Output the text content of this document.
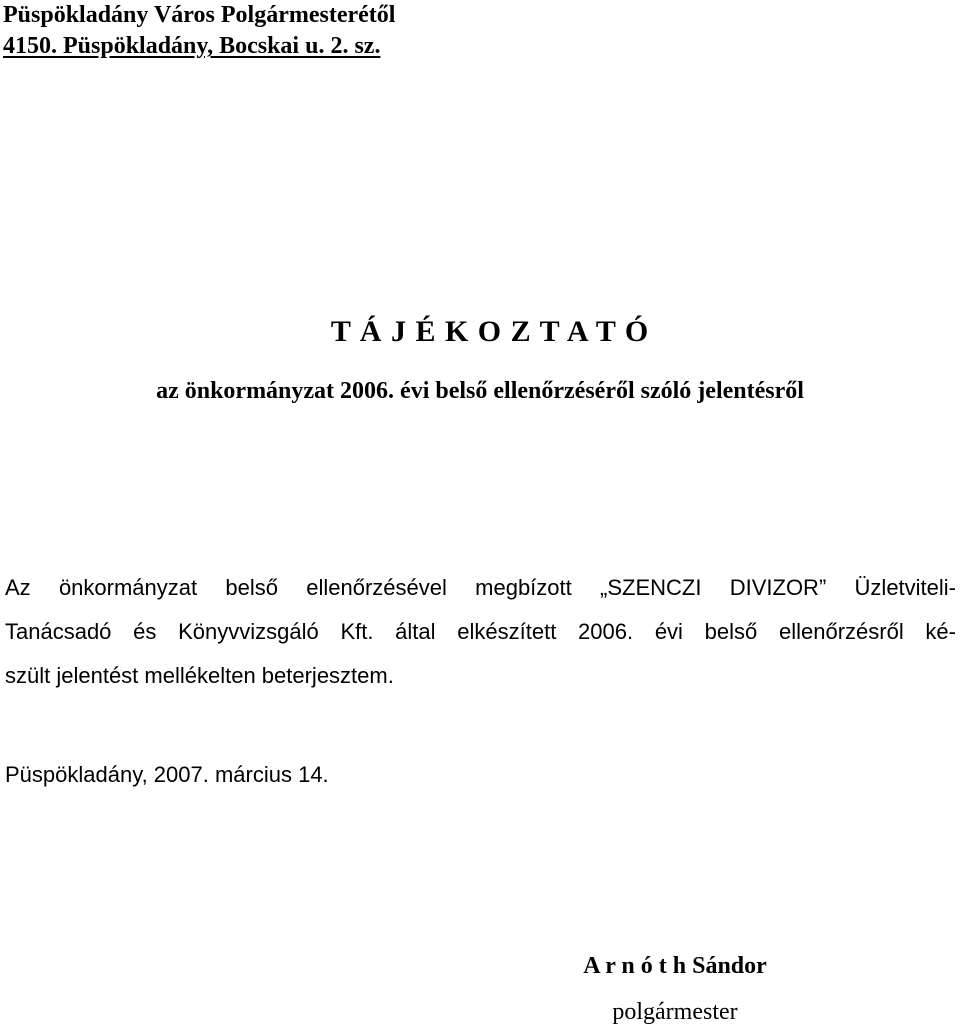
Püspökladány Város Polgármesterétől
4150. Püspökladány, Bocskai u. 2. sz.
T Á J É K O Z T A T Ó
az önkormányzat 2006. évi belső ellenőrzéséről szóló jelentésről

Az önkormányzat belső ellenőrzésével megbízott „SZENCZI DIVIZOR” Üzletviteli-
Tanácsadó és Könyvvizsgáló Kft. által elkészített 2006. évi belső ellenőrzésről ké-
szült jelentést mellékelten beterjesztem.

Püspökladány, 2007. március 14.
A r n ó t h Sándor
polgármester
